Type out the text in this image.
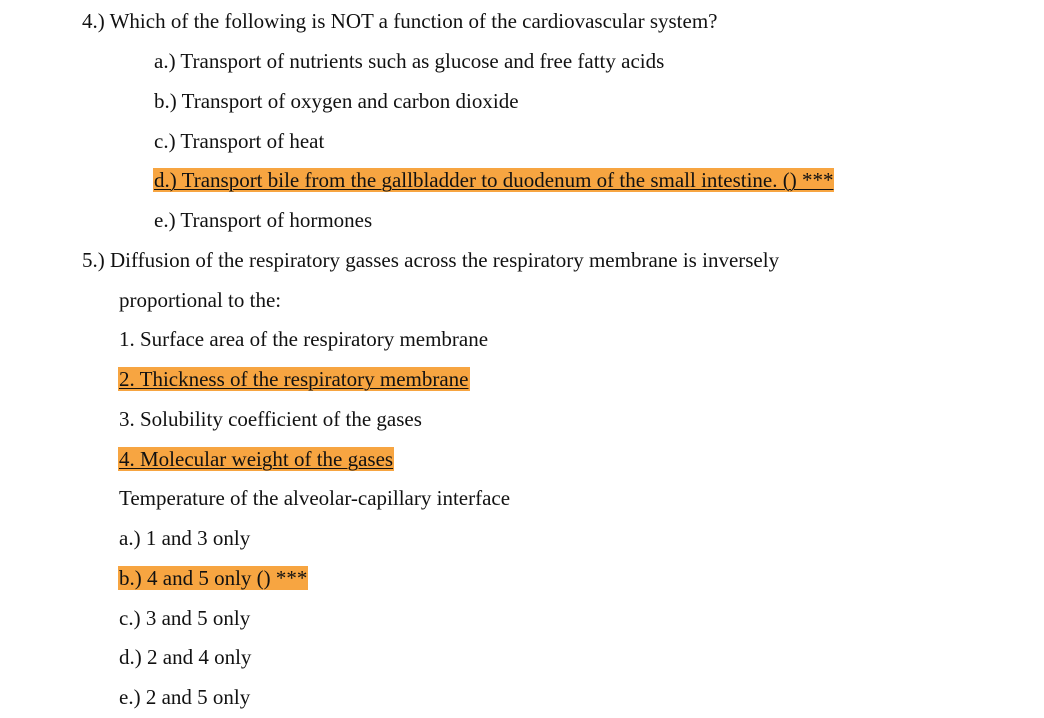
4.) Which of the following is NOT a function of the cardiovascular system?
a.) Transport of nutrients such as glucose and free fatty acids
b.) Transport of oxygen and carbon dioxide
c.) Transport of heat
d.) Transport bile from the gallbladder to duodenum of the small intestine. () ***
e.) Transport of hormones
5.) Diffusion of the respiratory gasses across the respiratory membrane is inversely
proportional to the:
1. Surface area of the respiratory membrane
2. Thickness of the respiratory membrane
3. Solubility coefficient of the gases
4. Molecular weight of the gases
Temperature of the alveolar-capillary interface
a.) 1 and 3 only
b.) 4 and 5 only () ***
c.) 3 and 5 only
d.) 2 and 4 only
e.) 2 and 5 only
